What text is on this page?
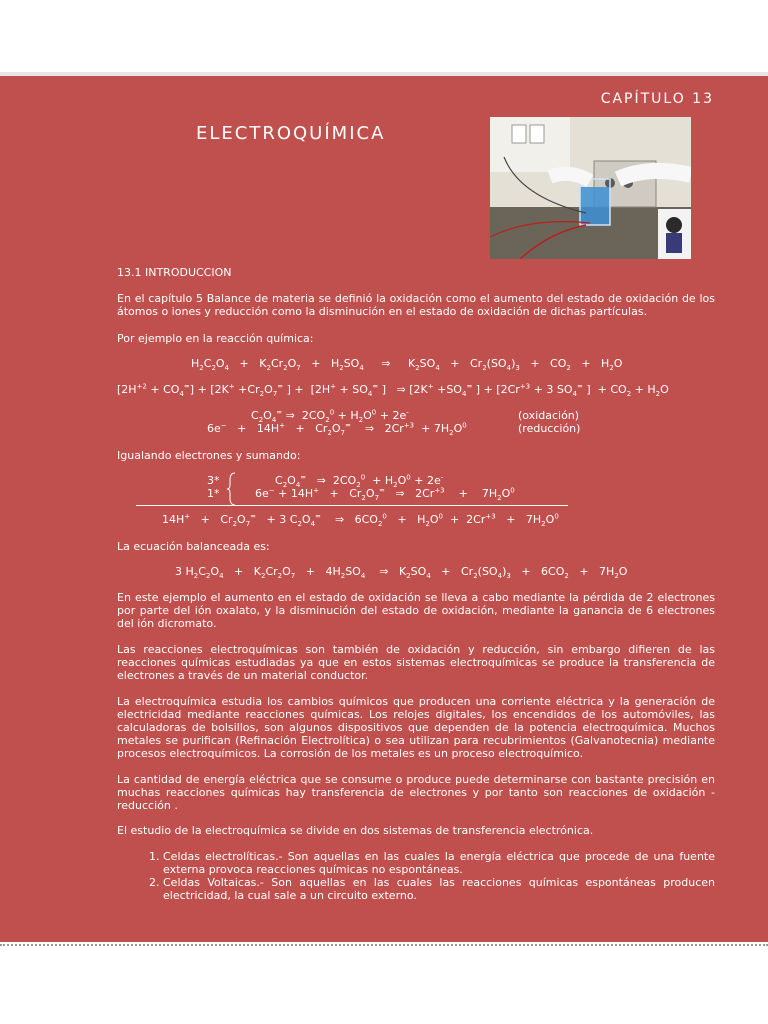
CAPÍTULO 13
ELECTROQUÍMICA
13.1 INTRODUCCION
En el capítulo 5 Balance de materia se definió la oxidación como el aumento del estado de oxidación de los átomos o iones y reducción como la disminución en el estado de oxidación de dichas partículas.
Por ejemplo en la reacción química:
$H_2C_2O_4 + K_2Cr_2O_7 + H_2SO_4$     ⇒     $K_2SO_4 + Cr_2(SO_4)_3 + CO_2 + H_2O$
$[2H^{+2} + CO_4^=] + [2K^+ +Cr_2O_7^=$ ] +  [$2H^+ + SO_4^=$ ]   ⇒ [$2K^+ +SO_4^=$ ] + [$2Cr^{+3} + 3$ $SO_4^=$ ]  + $CO_2 + H_2O$
$C_2O_4^=$ ⇒  $2CO_2^0 + H_2O^0 + 2e^-$	(oxidación)
$6e^- + 14H^+ + Cr_2O_7^=$    ⇒   $2Cr^{+3} + 7H_2O^0$	(reducción)
Igualando electrones y sumando:
3*
1*
$C_2O_4^=$   ⇒  $2CO_2^0 + H_2O^0 + 2e^-$
$6e^- + 14H^+ + Cr_2O_7^=$   ⇒   $2Cr^{+3}$    +    $7H_2O^0$
$14H^+ + Cr_2O_7^= + 3$ $C_2O_4^=$    ⇒   $6CO_2^0 + H_2O^0 + 2Cr^{+3} + 7H_2O^0$
La ecuación balanceada es:
3 $H_2C_2O_4 + K_2Cr_2O_7 + 4H_2SO_4$    ⇒   $K_2SO_4 + Cr_2(SO_4)_3 + 6CO_2 + 7H_2O$
En este ejemplo el aumento en el estado de oxidación se lleva a cabo mediante la pérdida de 2 electrones por parte del ión oxalato, y la disminución del estado de oxidación, mediante la ganancia de 6 electrones del ión dicromato.
Las reacciones electroquímicas son también de oxidación y reducción, sin embargo difieren de las reacciones químicas estudiadas ya que en estos sistemas electroquímicas se produce la transferencia de electrones a través de un material conductor.
La electroquímica estudia los cambios químicos que producen una corriente eléctrica y la generación de electricidad mediante reacciones químicas. Los relojes digitales, los encendidos de los automóviles, las calculadoras de bolsillos, son algunos dispositivos que dependen de la potencia electroquímica. Muchos metales se purifican (Refinación Electrolítica) o sea utilizan para recubrimientos (Galvanotecnia) mediante procesos electroquímicos. La corrosión de los metales es un proceso electroquímico.
La cantidad de energía eléctrica que se consume o produce puede determinarse con bastante precisión en muchas reacciones químicas hay transferencia de electrones y por tanto son reacciones de oxidación - reducción .
El estudio de la electroquímica se divide en dos sistemas de transferencia electrónica.
1. Celdas electrolíticas.- Son aquellas en las cuales la energía eléctrica que procede de una fuente externa provoca reacciones químicas no espontáneas.
2. Celdas Voltaicas.- Son aquellas en las cuales las reacciones químicas espontáneas producen electricidad, la cual sale a un circuito externo.
